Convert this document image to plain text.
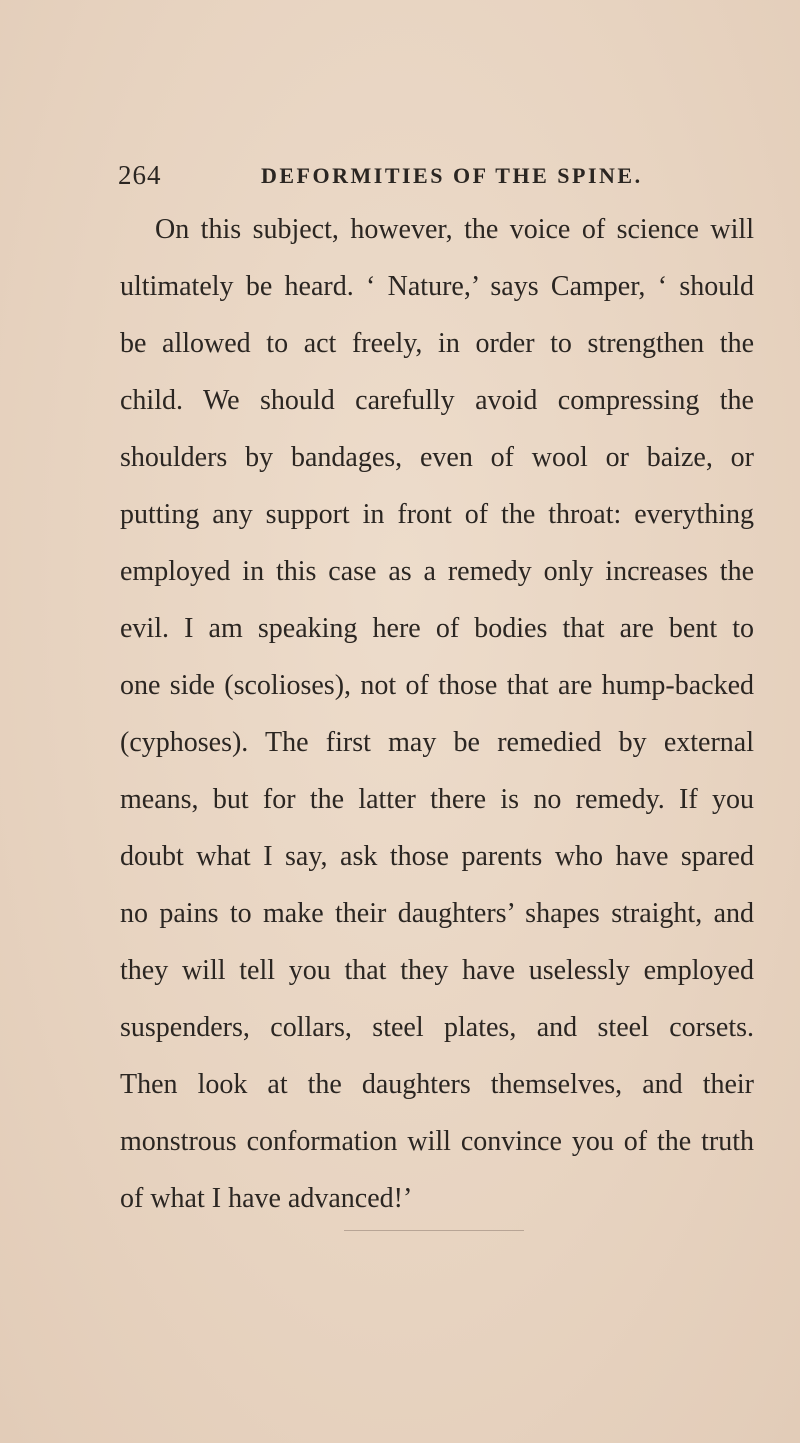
264	DEFORMITIES OF THE SPINE.
On this subject, however, the voice of science will
ultimately be heard. ‘ Nature,’ says Camper, ‘ should
be allowed to act freely, in order to strengthen the
child. We should carefully avoid compressing the
shoulders by bandages, even of wool or baize, or
putting any support in front of the throat: everything
employed in this case as a remedy only increases the
evil. I am speaking here of bodies that are bent to
one side (scolioses), not of those that are hump-backed
(cyphoses). The first may be remedied by external
means, but for the latter there is no remedy. If you
doubt what I say, ask those parents who have spared
no pains to make their daughters’ shapes straight, and
they will tell you that they have uselessly employed
suspenders, collars, steel plates, and steel corsets.
Then look at the daughters themselves, and their
monstrous conformation will convince you of the truth
of what I have advanced!’
